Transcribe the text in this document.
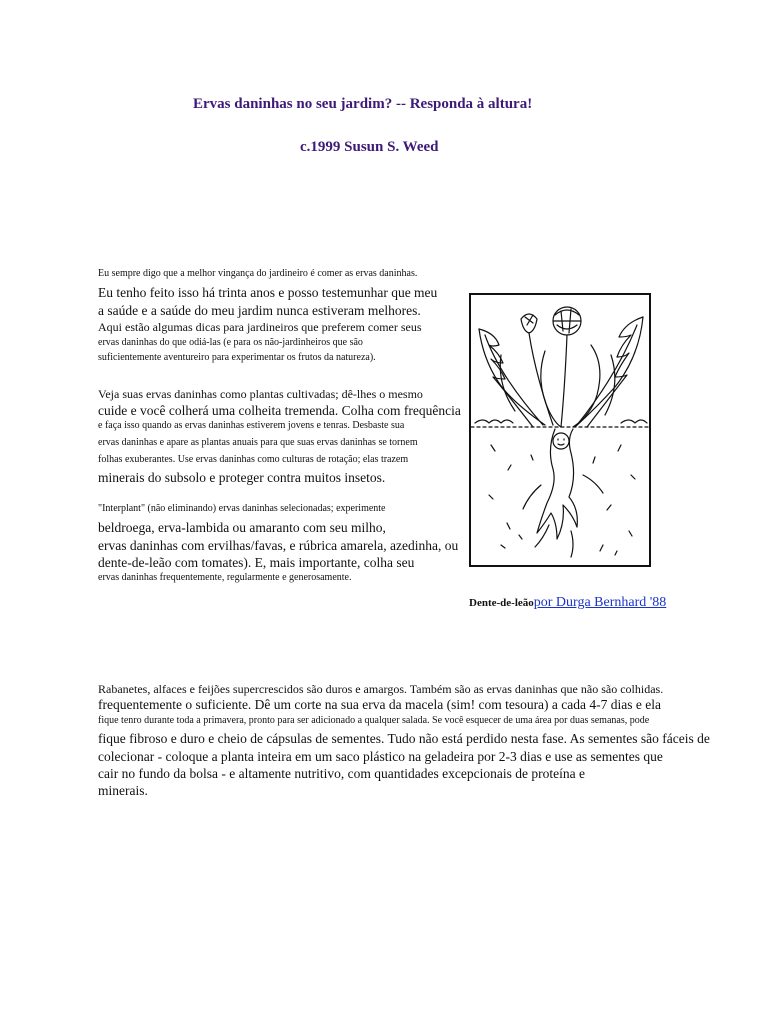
Ervas daninhas no seu jardim? -- Responda à altura!
c.1999 Susun S. Weed
Eu sempre digo que a melhor vingança do jardineiro é comer as ervas daninhas.
Eu tenho feito isso há trinta anos e posso testemunhar que meu
a saúde e a saúde do meu jardim nunca estiveram melhores.
Aqui estão algumas dicas para jardineiros que preferem comer seus
ervas daninhas do que odiá-las (e para os não-jardinheiros que são
suficientemente aventureiro para experimentar os frutos da natureza).
Veja suas ervas daninhas como plantas cultivadas; dê-lhes o mesmo
cuide e você colherá uma colheita tremenda. Colha com frequência
e faça isso quando as ervas daninhas estiverem jovens e tenras. Desbaste sua
ervas daninhas e apare as plantas anuais para que suas ervas daninhas se tornem
folhas exuberantes. Use ervas daninhas como culturas de rotação; elas trazem
minerais do subsolo e proteger contra muitos insetos.
"Interplant" (não eliminando) ervas daninhas selecionadas; experimente
beldroega, erva-lambida ou amaranto com seu milho,
ervas daninhas com ervilhas/favas, e rúbrica amarela, azedinha, ou
dente-de-leão com tomates). E, mais importante, colha seu
ervas daninhas frequentemente, regularmente e generosamente.
Dente-de-leãopor Durga Bernhard '88
Rabanetes, alfaces e feijões supercrescidos são duros e amargos. Também são as ervas daninhas que não são colhidas.
frequentemente o suficiente. Dê um corte na sua erva da macela (sim! com tesoura) a cada 4-7 dias e ela
fique tenro durante toda a primavera, pronto para ser adicionado a qualquer salada. Se você esquecer de uma área por duas semanas, pode
fique fibroso e duro e cheio de cápsulas de sementes. Tudo não está perdido nesta fase. As sementes são fáceis de
colecionar - coloque a planta inteira em um saco plástico na geladeira por 2-3 dias e use as sementes que
cair no fundo da bolsa - e altamente nutritivo, com quantidades excepcionais de proteína e
minerais.
